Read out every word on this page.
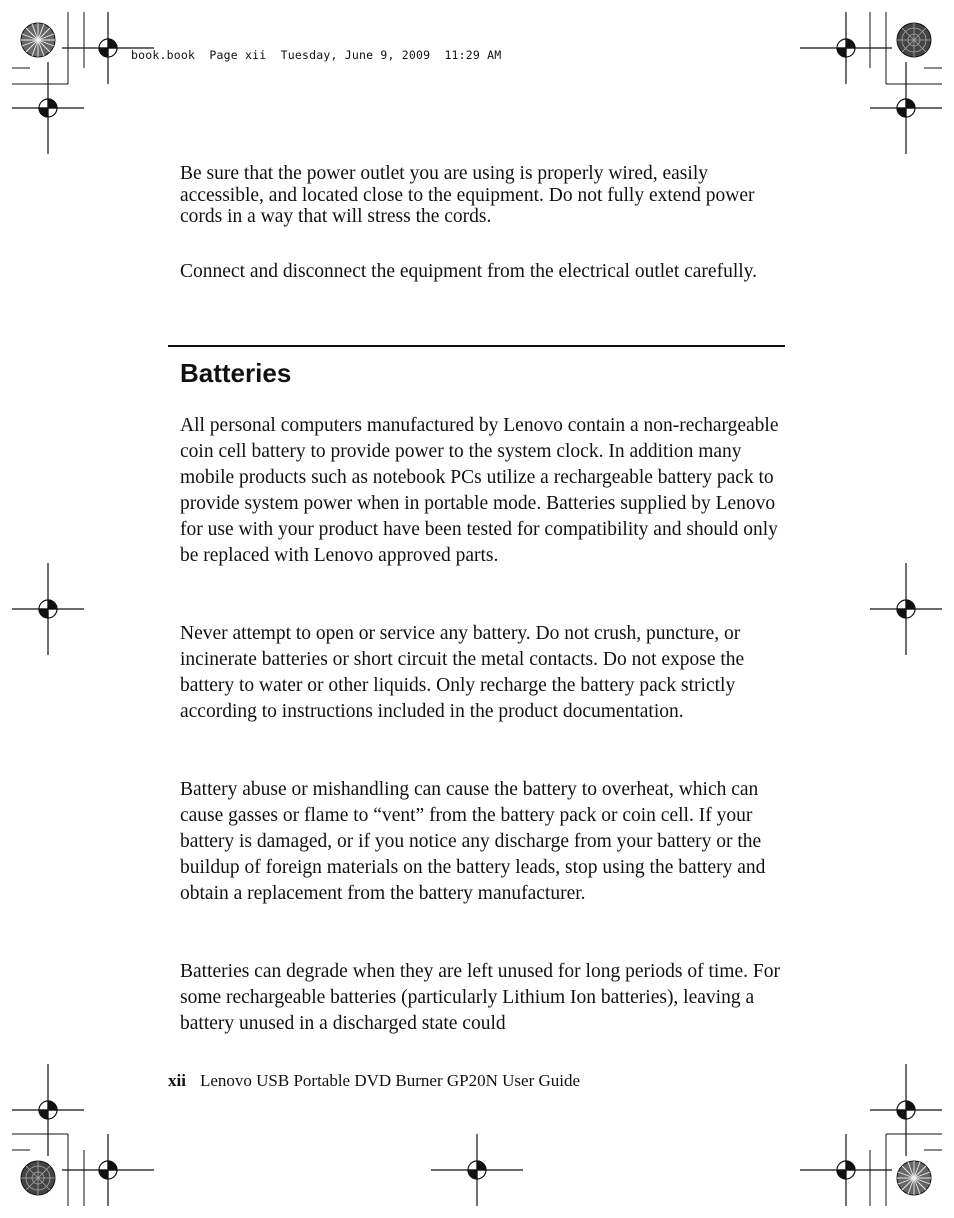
book.book  Page xii  Tuesday, June 9, 2009  11:29 AM

Be sure that the power outlet you are using is properly wired, easily accessible, and located close to the equipment. Do not fully extend power cords in a way that will stress the cords.

Connect and disconnect the equipment from the electrical outlet carefully.

Batteries

All personal computers manufactured by Lenovo contain a non-rechargeable coin cell battery to provide power to the system clock. In addition many mobile products such as notebook PCs utilize a rechargeable battery pack to provide system power when in portable mode. Batteries supplied by Lenovo for use with your product have been tested for compatibility and should only be replaced with Lenovo approved parts.

Never attempt to open or service any battery. Do not crush, puncture, or incinerate batteries or short circuit the metal contacts. Do not expose the battery to water or other liquids. Only recharge the battery pack strictly according to instructions included in the product documentation.

Battery abuse or mishandling can cause the battery to overheat, which can cause gasses or flame to “vent” from the battery pack or coin cell. If your battery is damaged, or if you notice any discharge from your battery or the buildup of foreign materials on the battery leads, stop using the battery and obtain a replacement from the battery manufacturer.

Batteries can degrade when they are left unused for long periods of time. For some rechargeable batteries (particularly Lithium Ion batteries), leaving a battery unused in a discharged state could

xii Lenovo USB Portable DVD Burner GP20N User Guide
